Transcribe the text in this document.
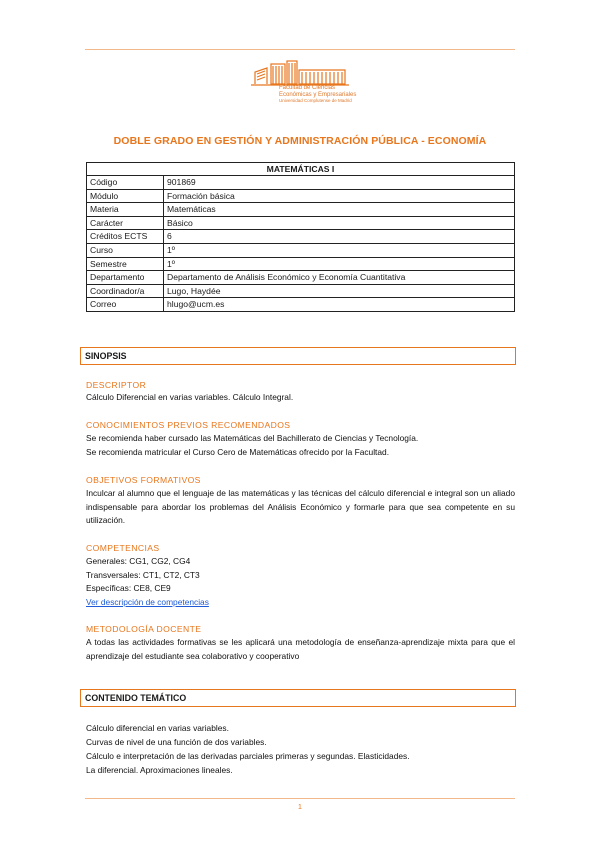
Facultad de Ciencias
Económicas y Empresariales
Universidad Complutense de Madrid
DOBLE GRADO EN GESTIÓN Y ADMINISTRACIÓN PÚBLICA - ECONOMÍA
MATEMÁTICAS I	
Código	901869
Módulo	Formación básica
Materia	Matemáticas
Carácter	Básico
Créditos ECTS	6
Curso	1º
Semestre	1º
Departamento	Departamento de Análisis Económico y Economía Cuantitativa
Coordinador/a	Lugo, Haydée
Correo	hlugo@ucm.es
SINOPSIS
DESCRIPTOR
Cálculo Diferencial en varias variables. Cálculo Integral.
CONOCIMIENTOS PREVIOS RECOMENDADOS
Se recomienda haber cursado las Matemáticas del Bachillerato de Ciencias y Tecnología.
Se recomienda matricular el Curso Cero de Matemáticas ofrecido por la Facultad.
OBJETIVOS FORMATIVOS
Inculcar al alumno que el lenguaje de las matemáticas y las técnicas del cálculo diferencial e integral son un aliado indispensable para abordar los problemas del Análisis Económico y formarle para que sea competente en su utilización.
COMPETENCIAS
Generales: CG1, CG2, CG4
Transversales: CT1, CT2, CT3
Específicas: CE8, CE9
Ver descripción de competencias
METODOLOGÍA DOCENTE
A todas las actividades formativas se les aplicará una metodología de enseñanza-aprendizaje mixta para que el aprendizaje del estudiante sea colaborativo y cooperativo
CONTENIDO TEMÁTICO
Cálculo diferencial en varias variables.
Curvas de nivel de una función de dos variables.
Cálculo e interpretación de las derivadas parciales primeras y segundas. Elasticidades.
La diferencial. Aproximaciones lineales.
1
